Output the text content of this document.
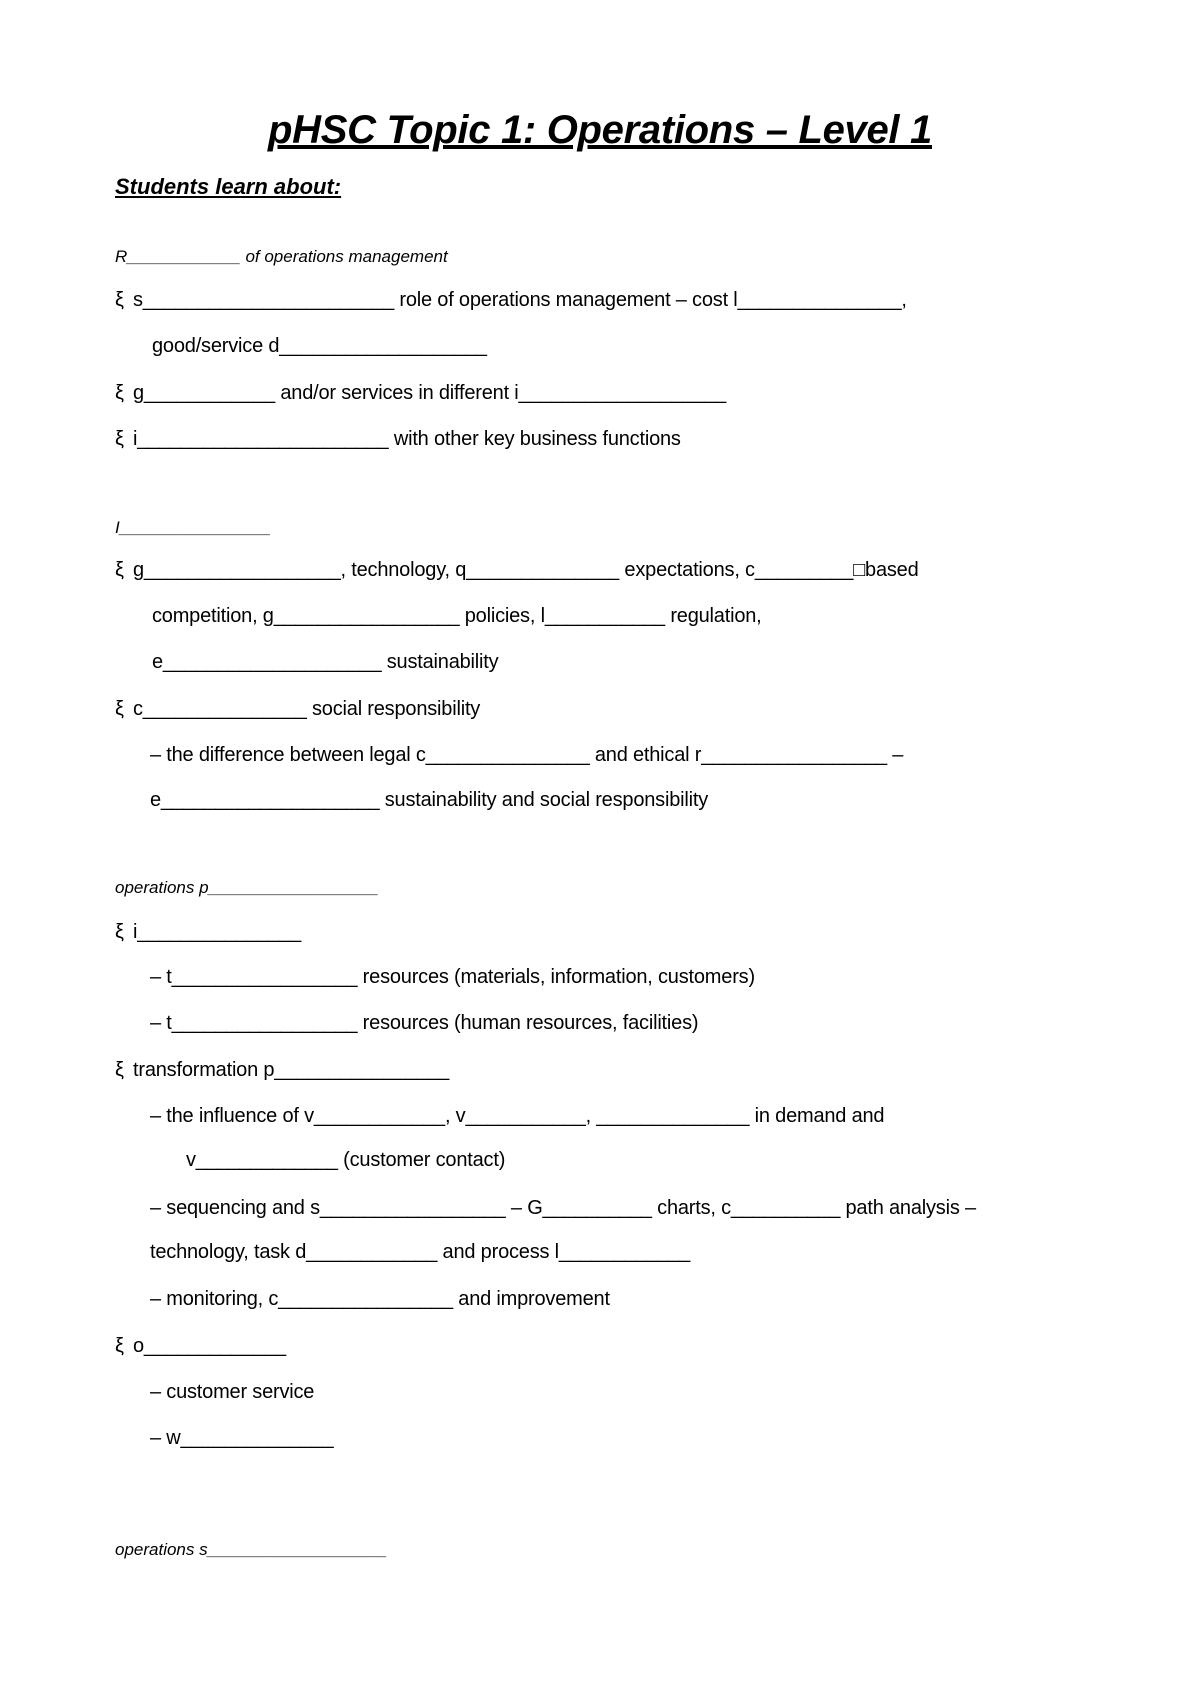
pHSC Topic 1: Operations – Level 1
Students learn about:
R____________ of operations management
ξ s_______________________ role of operations management – cost l_______________,
good/service d___________________
ξ g____________ and/or services in different i___________________
ξ i_______________________ with other key business functions
I________________
ξ g__________________, technology, q______________ expectations, c_________□based
competition, g_________________ policies, l___________ regulation,
e____________________ sustainability
ξ c_______________ social responsibility
– the difference between legal c_______________ and ethical r_________________ –
e____________________ sustainability and social responsibility
operations p__________________
ξ i_______________
– t_________________ resources (materials, information, customers)
– t_________________ resources (human resources, facilities)
ξ transformation p________________
– the influence of v____________, v___________, ______________ in demand and
v_____________ (customer contact)
– sequencing and s_________________ – G__________ charts, c__________ path analysis –
technology, task d____________ and process l____________
– monitoring, c________________ and improvement
ξ o_____________
– customer service
– w______________
operations s___________________
